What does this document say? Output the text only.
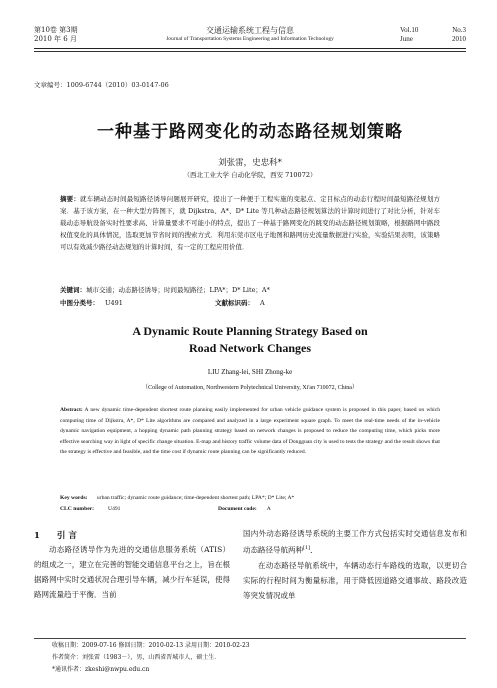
第10卷 第3期
2010 年 6 月
交通运输系统工程与信息
Journal of Transportation Systems Engineering and Information Technology
Vol.10	No.3
June	2010
文章编号：1009-6744（2010）03-0147-06
一种基于路网变化的动态路径规划策略
刘张雷，史忠科*
（西北工业大学 自动化学院，西安 710072）
摘要：就车辆动态时间最短路径诱导问题展开研究，提出了一种便于工程实施的变起点、定目标点的动态行程时间最短路径规划方案．基于该方案，在一种大型方阵图下，就 Dijkstra、A*、D* Lite 等几种动态路径规划算法的计算时间进行了对比分析，针对车载动态导航设备实时性要求高、计算量要求不可能小的特点，提出了一种基于路网变化的跳变的动态路径规划策略，根据路网中路段权值变化的具体情况，选取更加节省时间的搜索方式．利用东莞市区电子地图和路网历史流量数据进行实验，实验结果表明，该策略可以有效减少路径动态规划的计算时间，有一定的工程应用价值．
关键词：城市交通；动态路径诱导；时间最短路径；LPA*；D* Lite；A*
中图分类号： U491	文献标识码： A
A Dynamic Route Planning Strategy Based on
Road Network Changes
LIU Zhang-lei, SHI Zhong-ke
（College of Automation, Northwestern Polytechnical University, Xi'an 710072, China）
Abstract: A new dynamic time-dependent shortest route planning easily implemented for urban vehicle guidance system is proposed in this paper, based on which computing time of Dijkstra, A*, D* Lite algorithms are compared and analyzed in a large experiment square graph. To meet the real-time needs of the in-vehicle dynamic navigation equipment, a hopping dynamic path planning strategy based on network changes is proposed to reduce the computing time, which picks more effective searching way in light of specific change situation. E-map and history traffic volume data of Dongguan city is used to tests the strategy and the result shows that the strategy is effective and feasible, and the time cost if dynamic route planning can be significantly reduced.
Key words: urban traffic; dynamic route guidance; time-dependent shortest path; LPA*; D* Lite; A*
CLC number:	U491	Document code: A
1 引 言
动态路径诱导作为先进的交通信息服务系统（ATIS）的组成之一，建立在完善的智能交通信息平台之上，旨在根据路网中实时交通状况合理引导车辆，减少行车延误，使得路网流量趋于平衡．当前

国内外动态路径诱导系统的主要工作方式包括实时交通信息发布和动态路径导航两种[1]．

在动态路径导航系统中，车辆动态行车路线的选取，以更切合实际的行程时间为衡量标准，用于降低因道路交通事故、路段改造等突发情况或单

收稿日期：2009-07-16 修回日期：2010-02-13 录用日期：2010-02-23
作者简介：刘张雷（1983－），男，山西省晋城市人，硕士生．
*通讯作者：zkeshi@nwpu.edu.cn
